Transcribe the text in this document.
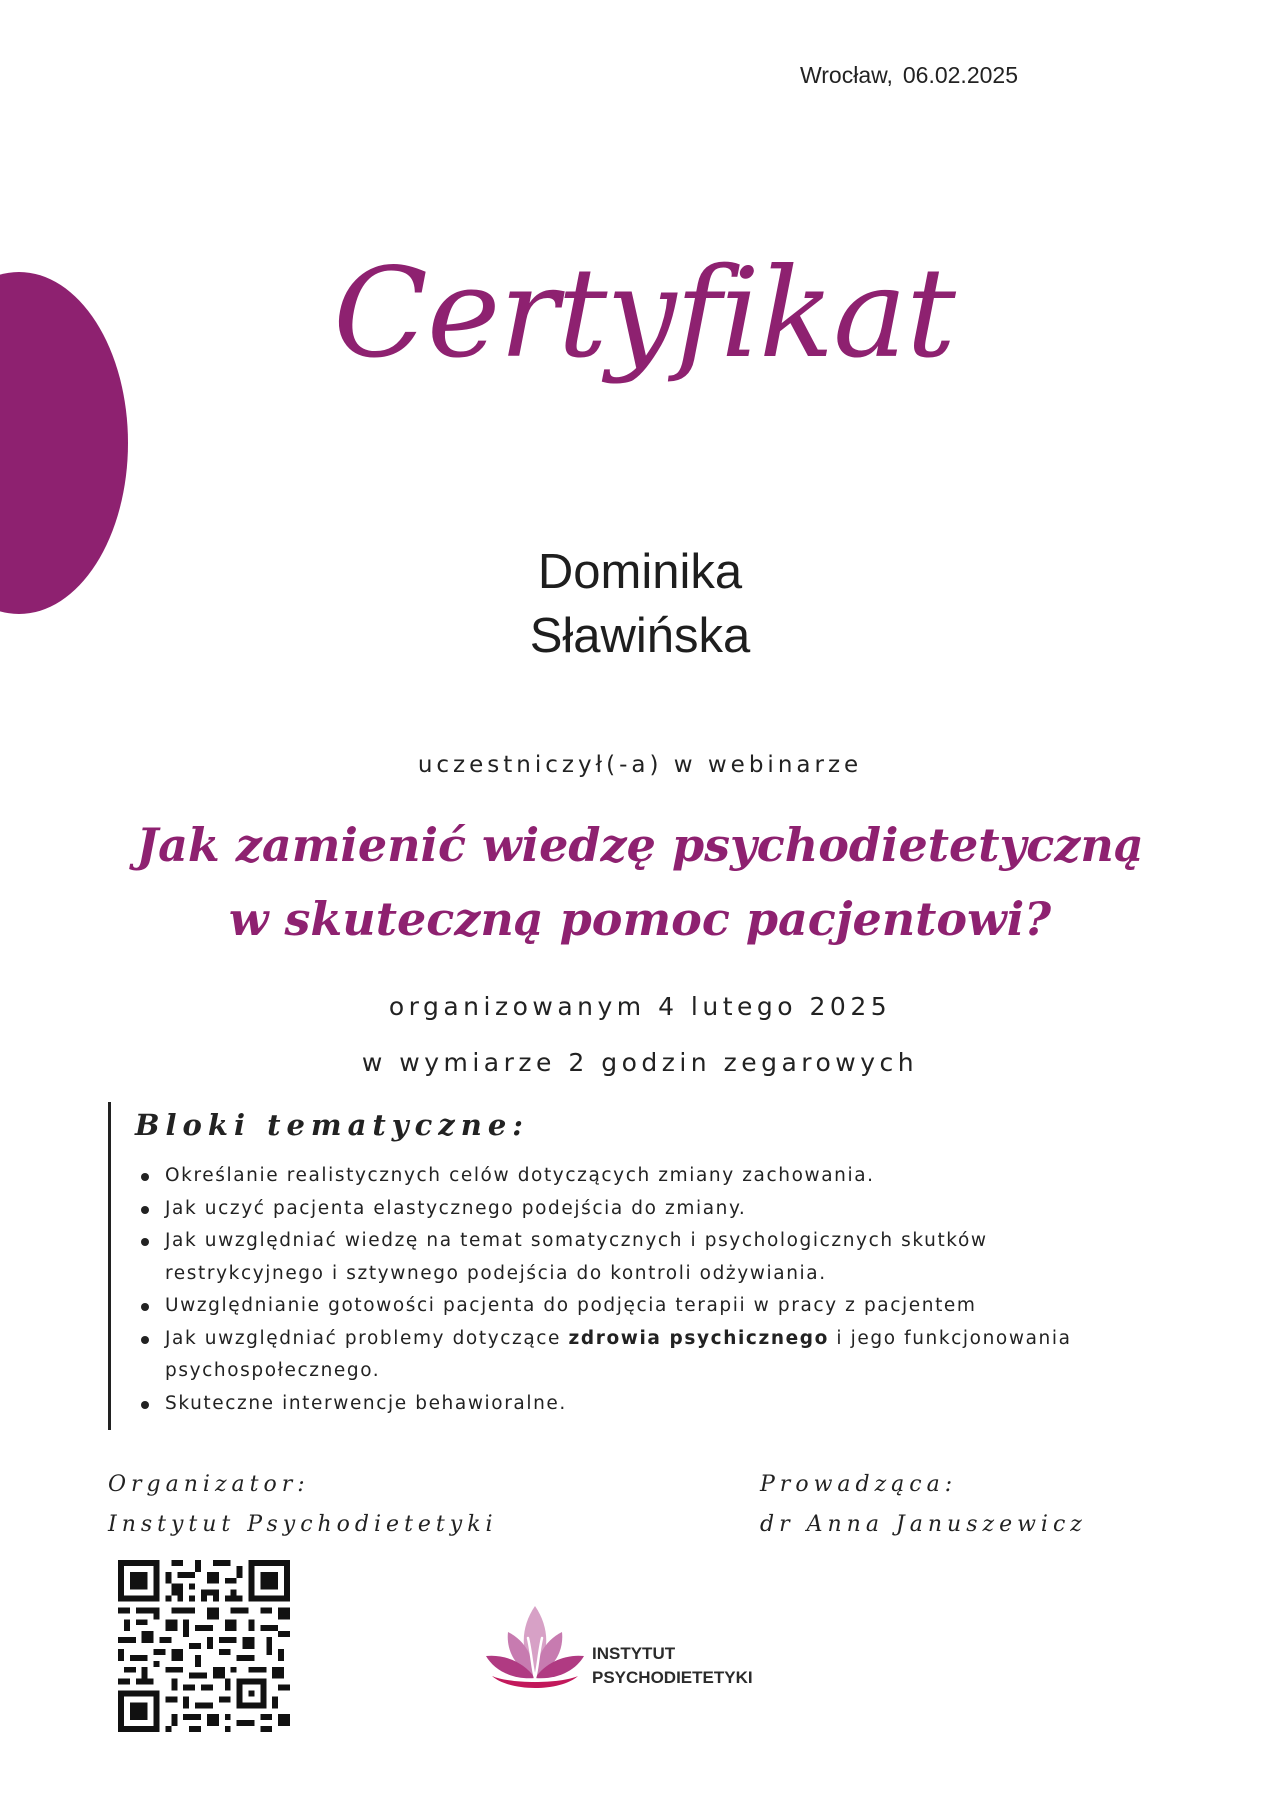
Wrocław, 06.02.2025
Certyfikat
Dominika
Sławińska
uczestniczył(-a) w webinarze
Jak zamienić wiedzę psychodietetyczną
w skuteczną pomoc pacjentowi?
organizowanym 4 lutego 2025
w wymiarze 2 godzin zegarowych
Bloki tematyczne:
Określanie realistycznych celów dotyczących zmiany zachowania.
Jak uczyć pacjenta elastycznego podejścia do zmiany.
Jak uwzględniać wiedzę na temat somatycznych i psychologicznych skutków
restrykcyjnego i sztywnego podejścia do kontroli odżywiania.
Uwzględnianie gotowości pacjenta do podjęcia terapii w pracy z pacjentem
Jak uwzględniać problemy dotyczące zdrowia psychicznego i jego funkcjonowania
psychospołecznego.
Skuteczne interwencje behawioralne.
Organizator:
Instytut Psychodietetyki
Prowadząca:
dr Anna Januszewicz
INSTYTUT
PSYCHODIETETYKI
